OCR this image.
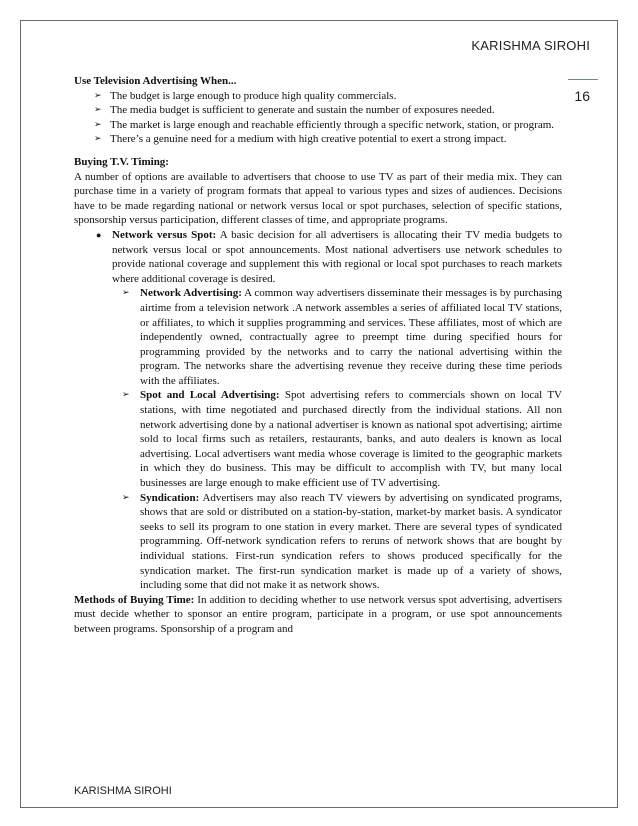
KARISHMA SIROHI
16
Use Television Advertising When...
➢ The budget is large enough to produce high quality commercials.
➢ The media budget is sufficient to generate and sustain the number of exposures needed.
➢ The market is large enough and reachable efficiently through a specific network, station, or program.
➢ There’s a genuine need for a medium with high creative potential to exert a strong impact.
Buying T.V. Timing:

A number of options are available to advertisers that choose to use TV as part of their media mix. They can purchase time in a variety of program formats that appeal to various types and sizes of audiences. Decisions have to be made regarding national or network versus local or spot purchases, selection of specific stations, sponsorship versus participation, different classes of time, and appropriate programs.

● Network versus Spot: A basic decision for all advertisers is allocating their TV media budgets to network versus local or spot announcements. Most national advertisers use network schedules to provide national coverage and supplement this with regional or local spot purchases to reach markets where additional coverage is desired.
➢ Network Advertising: A common way advertisers disseminate their messages is by purchasing airtime from a television network .A network assembles a series of affiliated local TV stations, or affiliates, to which it supplies programming and services. These affiliates, most of which are independently owned, contractually agree to preempt time during specified hours for programming provided by the networks and to carry the national advertising within the program. The networks share the advertising revenue they receive during these time periods with the affiliates.
➢ Spot and Local Advertising: Spot advertising refers to commercials shown on local TV stations, with time negotiated and purchased directly from the individual stations. All non network advertising done by a national advertiser is known as national spot advertising; airtime sold to local firms such as retailers, restaurants, banks, and auto dealers is known as local advertising. Local advertisers want media whose coverage is limited to the geographic markets in which they do business. This may be difficult to accomplish with TV, but many local businesses are large enough to make efficient use of TV advertising.
➢ Syndication: Advertisers may also reach TV viewers by advertising on syndicated programs, shows that are sold or distributed on a station-by-station, market-by market basis. A syndicator seeks to sell its program to one station in every market. There are several types of syndicated programming. Off-network syndication refers to reruns of network shows that are bought by individual stations. First-run syndication refers to shows produced specifically for the syndication market. The first-run syndication market is made up of a variety of shows, including some that did not make it as network shows.

Methods of Buying Time: In addition to deciding whether to use network versus spot advertising, advertisers must decide whether to sponsor an entire program, participate in a program, or use spot announcements between programs. Sponsorship of a program and

KARISHMA SIROHI
